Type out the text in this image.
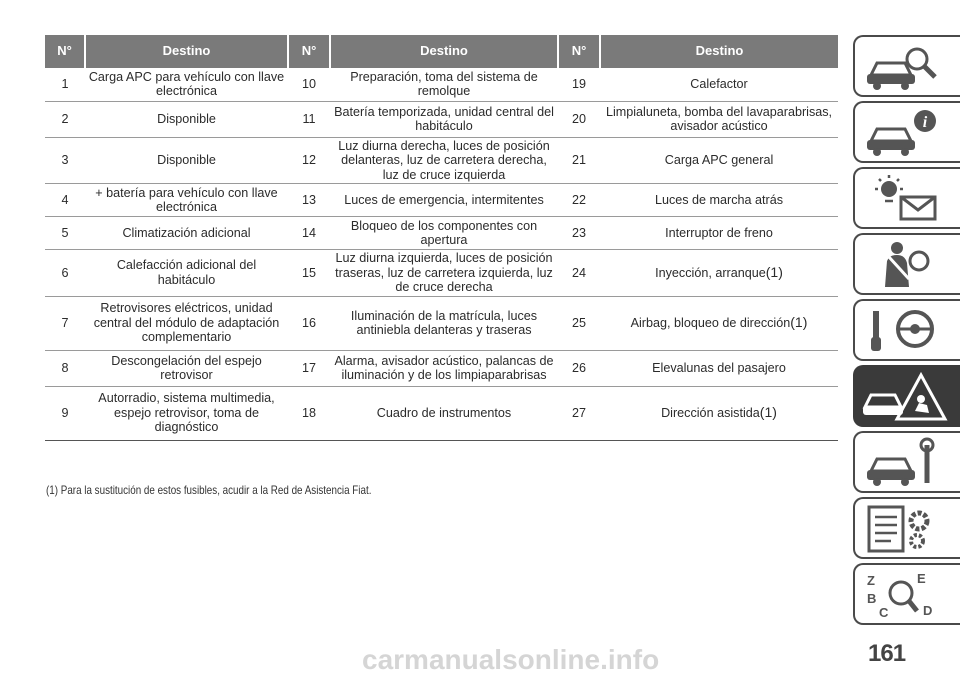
N°	Destino	N°	Destino	N°	Destino
1	Carga APC para vehículo con llave electrónica	10	Preparación, toma del sistema de remolque	19	Calefactor
2	Disponible	11	Batería temporizada, unidad central del habitáculo	20	Limpialuneta, bomba del lavaparabrisas, avisador acústico
3	Disponible	12	Luz diurna derecha, luces de posición delanteras, luz de carretera derecha, luz de cruce izquierda	21	Carga APC general
4	+ batería para vehículo con llave electrónica	13	Luces de emergencia, intermitentes	22	Luces de marcha atrás
5	Climatización adicional	14	Bloqueo de los componentes con apertura	23	Interruptor de freno
6	Calefacción adicional del habitáculo	15	Luz diurna izquierda, luces de posición traseras, luz de carretera izquierda, luz de cruce derecha	24	Inyección, arranque(1)
7	Retrovisores eléctricos, unidad central del módulo de adaptación complementario	16	Iluminación de la matrícula, luces antiniebla delanteras y traseras	25	Airbag, bloqueo de dirección(1)
8	Descongelación del espejo retrovisor	17	Alarma, avisador acústico, palancas de iluminación y de los limpiaparabrisas	26	Elevalunas del pasajero
9	Autorradio, sistema multimedia, espejo retrovisor, toma de diagnóstico	18	Cuadro de instrumentos	27	Dirección asistida(1)
(1) Para la sustitución de estos fusibles, acudir a la Red de Asistencia Fiat.
i
Z	E
B
C	D
161
carmanualsonline.info
